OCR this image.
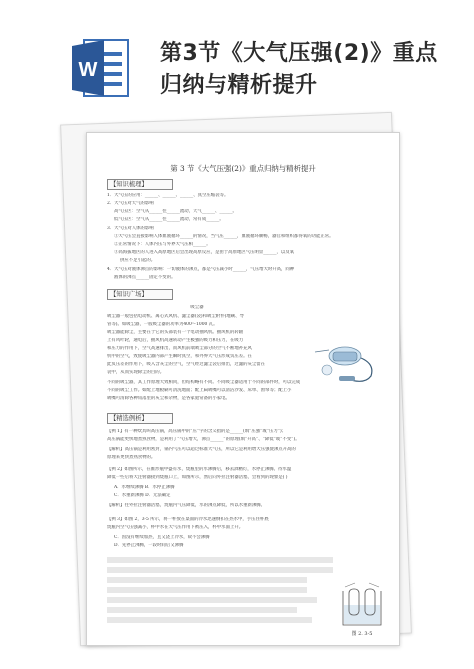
W
第3节《大气压强(2)》重点归纳与精析提升
第 3 节《大气压强(2)》重点归纳与精析提升
【知识梳理】
1．大气压的应用：______、______、______、真空压缩袋等。
2．大气压对天气的影响
高气压区：空气从______往______流动，天气______、______。
低气压区：空气从______往______流动，常有成______。
3．大气压对人体的影响
①大气压会直接影响人体血液循环______的情况，当气压______，血液循环顺畅，器官和组织都得氧的功能正常。
②正常情况下：人体内压与外界大气压相______。
③高海拔地区的人进入高原地区后会出现高原反应，是由于高原地区气压明显______，以及氧
供应不足引起的。
4．大气压对液体沸点的影响：一切液体的沸点，都是气压减小时______，气压增大时升高，同种
液体的沸点______固定不变的。
【知识广场】
吸尘器
吸尘器一般包括电动机、离心式风机、滤尘器(袋)和吸尘附件(地刷、导
管等)。如吸尘器，一般吸尘器的功率为400～1000 瓦。
吸尘器能除尘，主要在于它的头部装有一个电动抽风机。抽风机的转轴
上有风叶轮，通电后，抽风机高速转动产生极强的吸力和压力，在吸力
和压力的作用下，空气高速排出，而风机前端吸尘部分的空气不断地补充风
机中的空气，致使吸尘器内部产生瞬时真空，和外界大气压形成负压差。在
此负压差的作用下，吸入含灰尘的空气，空气经过滤尘袋后排出，过滤的灰尘留在
袋中，从而实现除尘的目的。
不同的吸尘器，其工作原理大致相同，但结构略有不同。不同吸尘器适用于不同的部件时，可以完成
不同的吸尘工作。如配上地板刷可清洗地面；配上扁吸嘴可以清洁沙发、床单、窗帘等；配上小
吸嘴可清除各种角落里的灰尘和杂物，是各家庭常备的小家电。
【精选例析】
【例 1】有一种炊具叫高压锅，高压锅中的“压”字的含义指的是______(填“压强”或“压力”)；
高压锅能更快地煮熟食物，是利用了“气压增大，沸点______”的原理(填“升高”、“降低”或“不变”)。
【解析】高压锅是利用密封，锅内气压可以超过标准大气压，所以它是利用增大压强使沸点升高的
原理来更快煮熟食物的。
【例 2】如图所示，在锥形瓶中盛有水，烧瓶里的水沸腾后，移去酒精灯，水停止沸腾。待水温
降低一些后将大注射器接到烧瓶口上，如图所示，然后向外拉注射器活塞，会看到的现象是( )
A．水继续沸腾 B．水停止沸腾
C．水重新沸腾 D．无法确定
【解析】往外拉注射器活塞，烧瓶内气压降低，水的沸点降低，所以水重新沸腾。
【例 3】如图 2，3-5 所示，将一杯放在桌面的冷水迅速倒扣在热水中，手压住杯底
烧瓶内空气压强减小，杯中水在大气压作用下被压入，杯中水面上升。
C．因没有继续加热，且又浇上冷水，故不会沸腾
D．先停止沸腾，一段时间后又沸腾
图 2. 3-5
